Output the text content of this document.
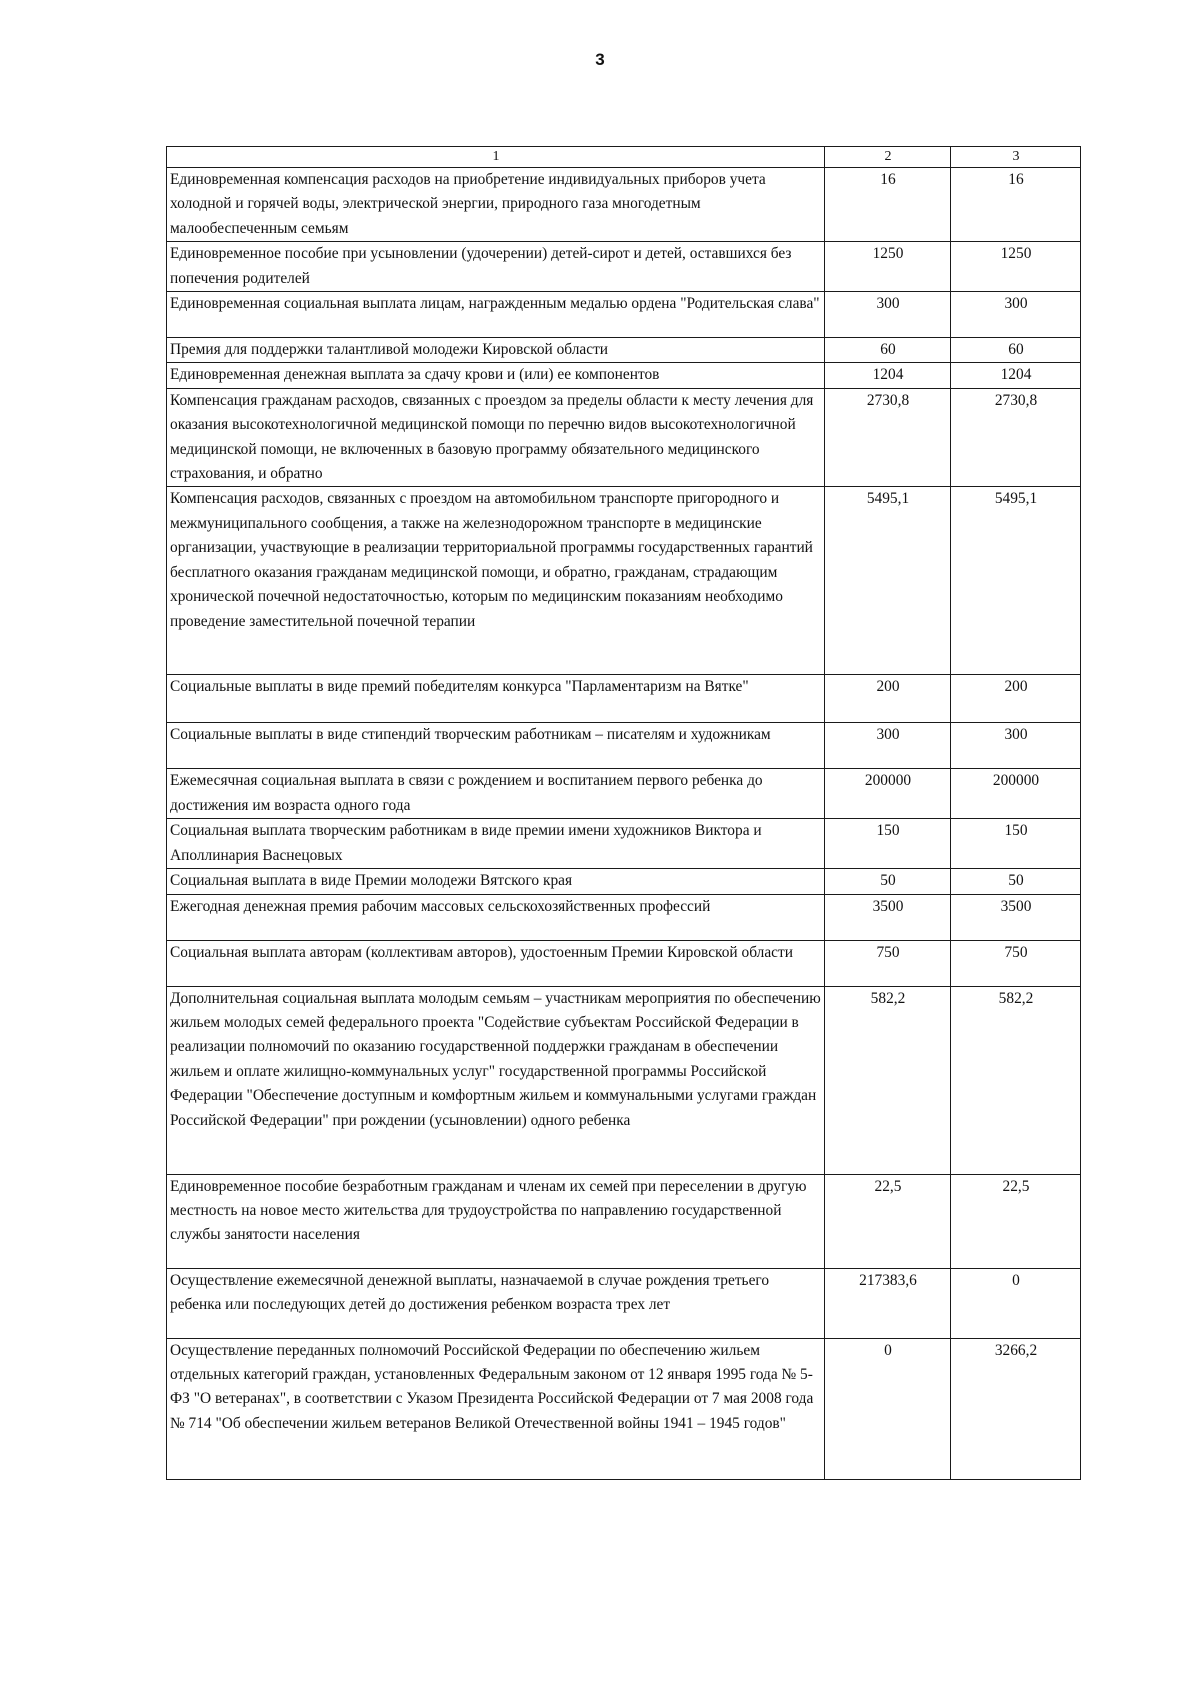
3
1	2	3
Единовременная компенсация расходов на приобретение индивидуальных приборов учета холодной и горячей воды, электрической энергии, природного газа многодетным малообеспеченным семьям	16	16
Единовременное пособие при усыновлении (удочерении) детей-сирот и детей, оставшихся без попечения родителей	1250	1250
Единовременная социальная выплата лицам, награжденным медалью ордена "Родительская слава"	300	300
Премия для поддержки талантливой молодежи Кировской области	60	60
Единовременная денежная выплата за сдачу крови и (или) ее компонентов	1204	1204
Компенсация гражданам расходов, связанных с проездом за пределы области к месту лечения для оказания высокотехнологичной медицинской помощи по перечню видов высокотехнологичной медицинской помощи, не включенных в базовую программу обязательного медицинского страхования, и обратно	2730,8	2730,8
Компенсация расходов, связанных с проездом на автомобильном транспорте пригородного и межмуниципального сообщения, а также на железнодорожном транспорте в медицинские организации, участвующие в реализации территориальной программы государственных гарантий бесплатного оказания гражданам медицинской помощи, и обратно, гражданам, страдающим хронической почечной недостаточностью, которым по медицинским показаниям необходимо проведение заместительной почечной терапии	5495,1	5495,1
Социальные выплаты в виде премий победителям конкурса "Парламентаризм на Вятке"	200	200
Социальные выплаты в виде стипендий творческим работникам – писателям и художникам	300	300
Ежемесячная социальная выплата в связи с рождением и воспитанием первого ребенка до достижения им возраста одного года	200000	200000
Социальная выплата творческим работникам в виде премии имени художников Виктора и Аполлинария Васнецовых	150	150
Социальная выплата в виде Премии молодежи Вятского края	50	50
Ежегодная денежная премия рабочим массовых сельскохозяйственных профессий	3500	3500
Социальная выплата авторам (коллективам авторов), удостоенным Премии Кировской области	750	750
Дополнительная социальная выплата молодым семьям – участникам мероприятия по обеспечению жильем молодых семей федерального проекта "Содействие субъектам Российской Федерации в реализации полномочий по оказанию государственной поддержки гражданам в обеспечении жильем и оплате жилищно-коммунальных услуг" государственной программы Российской Федерации "Обеспечение доступным и комфортным жильем и коммунальными услугами граждан Российской Федерации" при рождении (усыновлении) одного ребенка	582,2	582,2
Единовременное пособие безработным гражданам и членам их семей при переселении в другую местность на новое место жительства для трудоустройства по направлению государственной службы занятости населения	22,5	22,5
Осуществление ежемесячной денежной выплаты, назначаемой в случае рождения третьего ребенка или последующих детей до достижения ребенком возраста трех лет	217383,6	0
Осуществление переданных полномочий Российской Федерации по обеспечению жильем отдельных категорий граждан, установленных Федеральным законом от 12 января 1995 года № 5-ФЗ "О ветеранах", в соответствии с Указом Президента Российской Федерации от 7 мая 2008 года № 714 "Об обеспечении жильем ветеранов Великой Отечественной войны 1941 – 1945 годов"	0	3266,2
